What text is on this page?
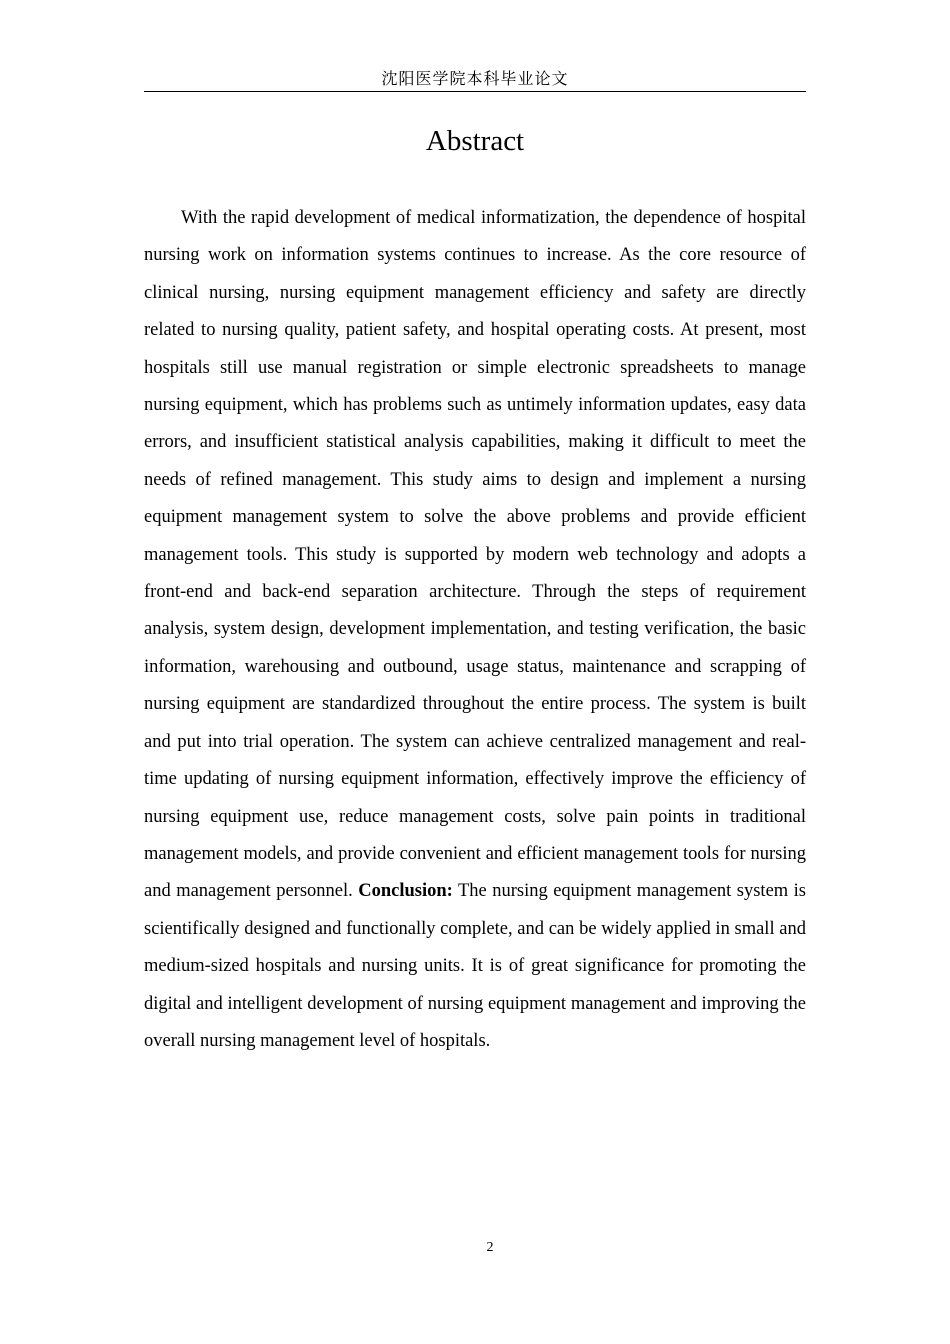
沈阳医学院本科毕业论文
Abstract

With the rapid development of medical informatization, the dependence of hospital nursing work on information systems continues to increase. As the core resource of clinical nursing, nursing equipment management efficiency and safety are directly related to nursing quality, patient safety, and hospital operating costs. At present, most hospitals still use manual registration or simple electronic spreadsheets to manage nursing equipment, which has problems such as untimely information updates, easy data errors, and insufficient statistical analysis capabilities, making it difficult to meet the needs of refined management. This study aims to design and implement a nursing equipment management system to solve the above problems and provide efficient management tools. This study is supported by modern web technology and adopts a front-end and back-end separation architecture. Through the steps of requirement analysis, system design, development implementation, and testing verification, the basic information, warehousing and outbound, usage status, maintenance and scrapping of nursing equipment are standardized throughout the entire process. The system is built and put into trial operation. The system can achieve centralized management and real-time updating of nursing equipment information, effectively improve the efficiency of nursing equipment use, reduce management costs, solve pain points in traditional management models, and provide convenient and efficient management tools for nursing and management personnel. Conclusion: The nursing equipment management system is scientifically designed and functionally complete, and can be widely applied in small and medium-sized hospitals and nursing units. It is of great significance for promoting the digital and intelligent development of nursing equipment management and improving the overall nursing management level of hospitals.

2
